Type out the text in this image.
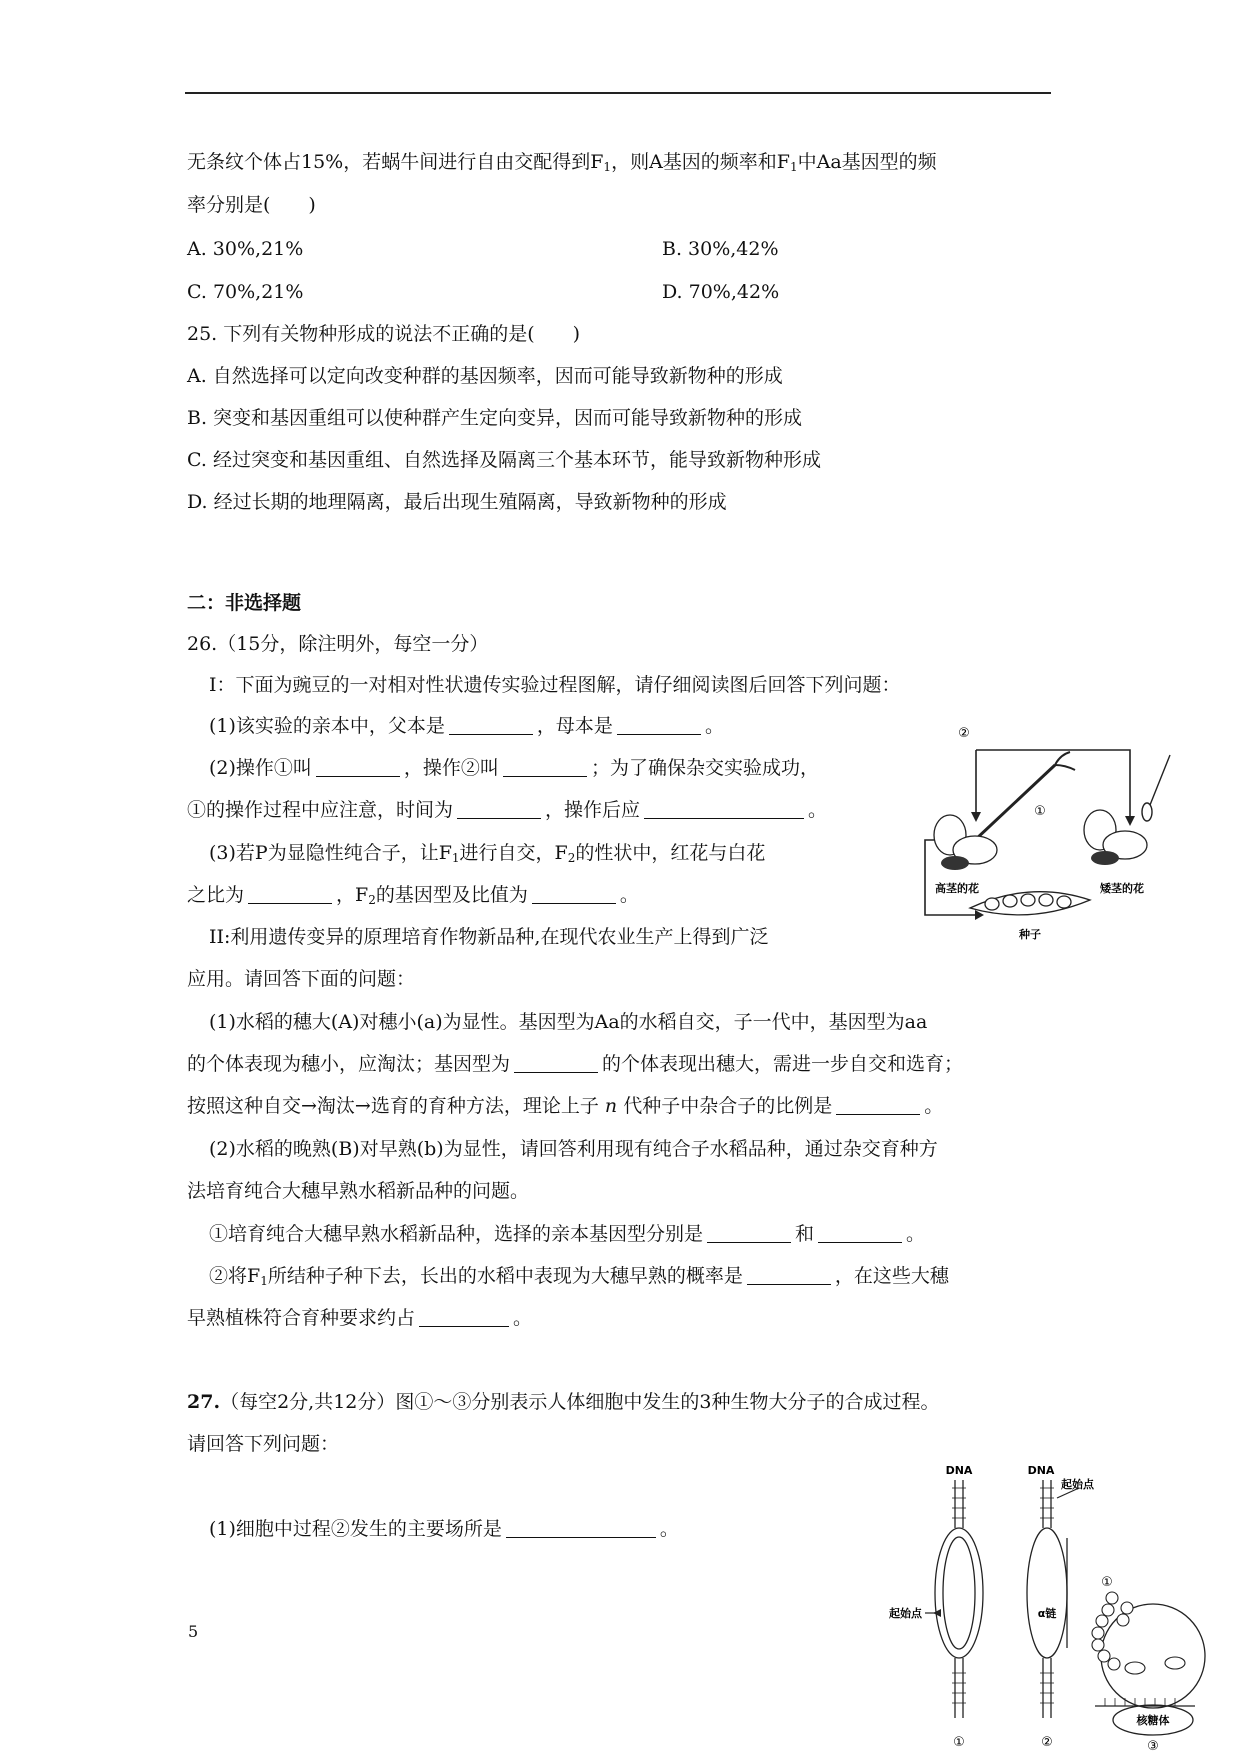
无条纹个体占15%，若蜗牛间进行自由交配得到$F_1$，则A基因的频率和$F_1$中Aa基因型的频
率分别是(　　)
A. 30%,21%	B. 30%,42%
C. 70%,21%	D. 70%,42%
25. 下列有关物种形成的说法不正确的是(　　)
A. 自然选择可以定向改变种群的基因频率，因而可能导致新物种的形成
B. 突变和基因重组可以使种群产生定向变异，因而可能导致新物种的形成
C. 经过突变和基因重组、自然选择及隔离三个基本环节，能导致新物种形成
D. 经过长期的地理隔离，最后出现生殖隔离，导致新物种的形成
二：非选择题
26.（15分，除注明外，每空一分）
I：下面为豌豆的一对相对性状遗传实验过程图解，请仔细阅读图后回答下列问题：
(1)该实验的亲本中，父本是	，母本是	。
(2)操作①叫	，操作②叫	；为了确保杂交实验成功，
①的操作过程中应注意，时间为	，操作后应	。
(3)若P为显隐性纯合子，让$F_1$进行自交，$F_2$的性状中，红花与白花
之比为	，$F_2$的基因型及比值为	。
II:利用遗传变异的原理培育作物新品种,在现代农业生产上得到广泛
应用。请回答下面的问题：
(1)水稻的穗大(A)对穗小(a)为显性。基因型为Aa的水稻自交，子一代中，基因型为aa
的个体表现为穗小，应淘汰；基因型为	的个体表现出穗大，需进一步自交和选育；
按照这种自交→淘汰→选育的育种方法，理论上子 n 代种子中杂合子的比例是	。
(2)水稻的晚熟(B)对早熟(b)为显性，请回答利用现有纯合子水稻品种，通过杂交育种方
法培育纯合大穗早熟水稻新品种的问题。
①培育纯合大穗早熟水稻新品种，选择的亲本基因型分别是	和	。
②将$F_1$所结种子种下去，长出的水稻中表现为大穗早熟的概率是	，在这些大穗
早熟植株符合育种要求约占	。
27.（每空2分,共12分）图①～③分别表示人体细胞中发生的3种生物大分子的合成过程。
请回答下列问题：
(1)细胞中过程②发生的主要场所是	。
5
②
①
高茎的花	矮茎的花
种子
DNA	DNA
起始点
起始点	α链
核糖体
①
①	②	③
